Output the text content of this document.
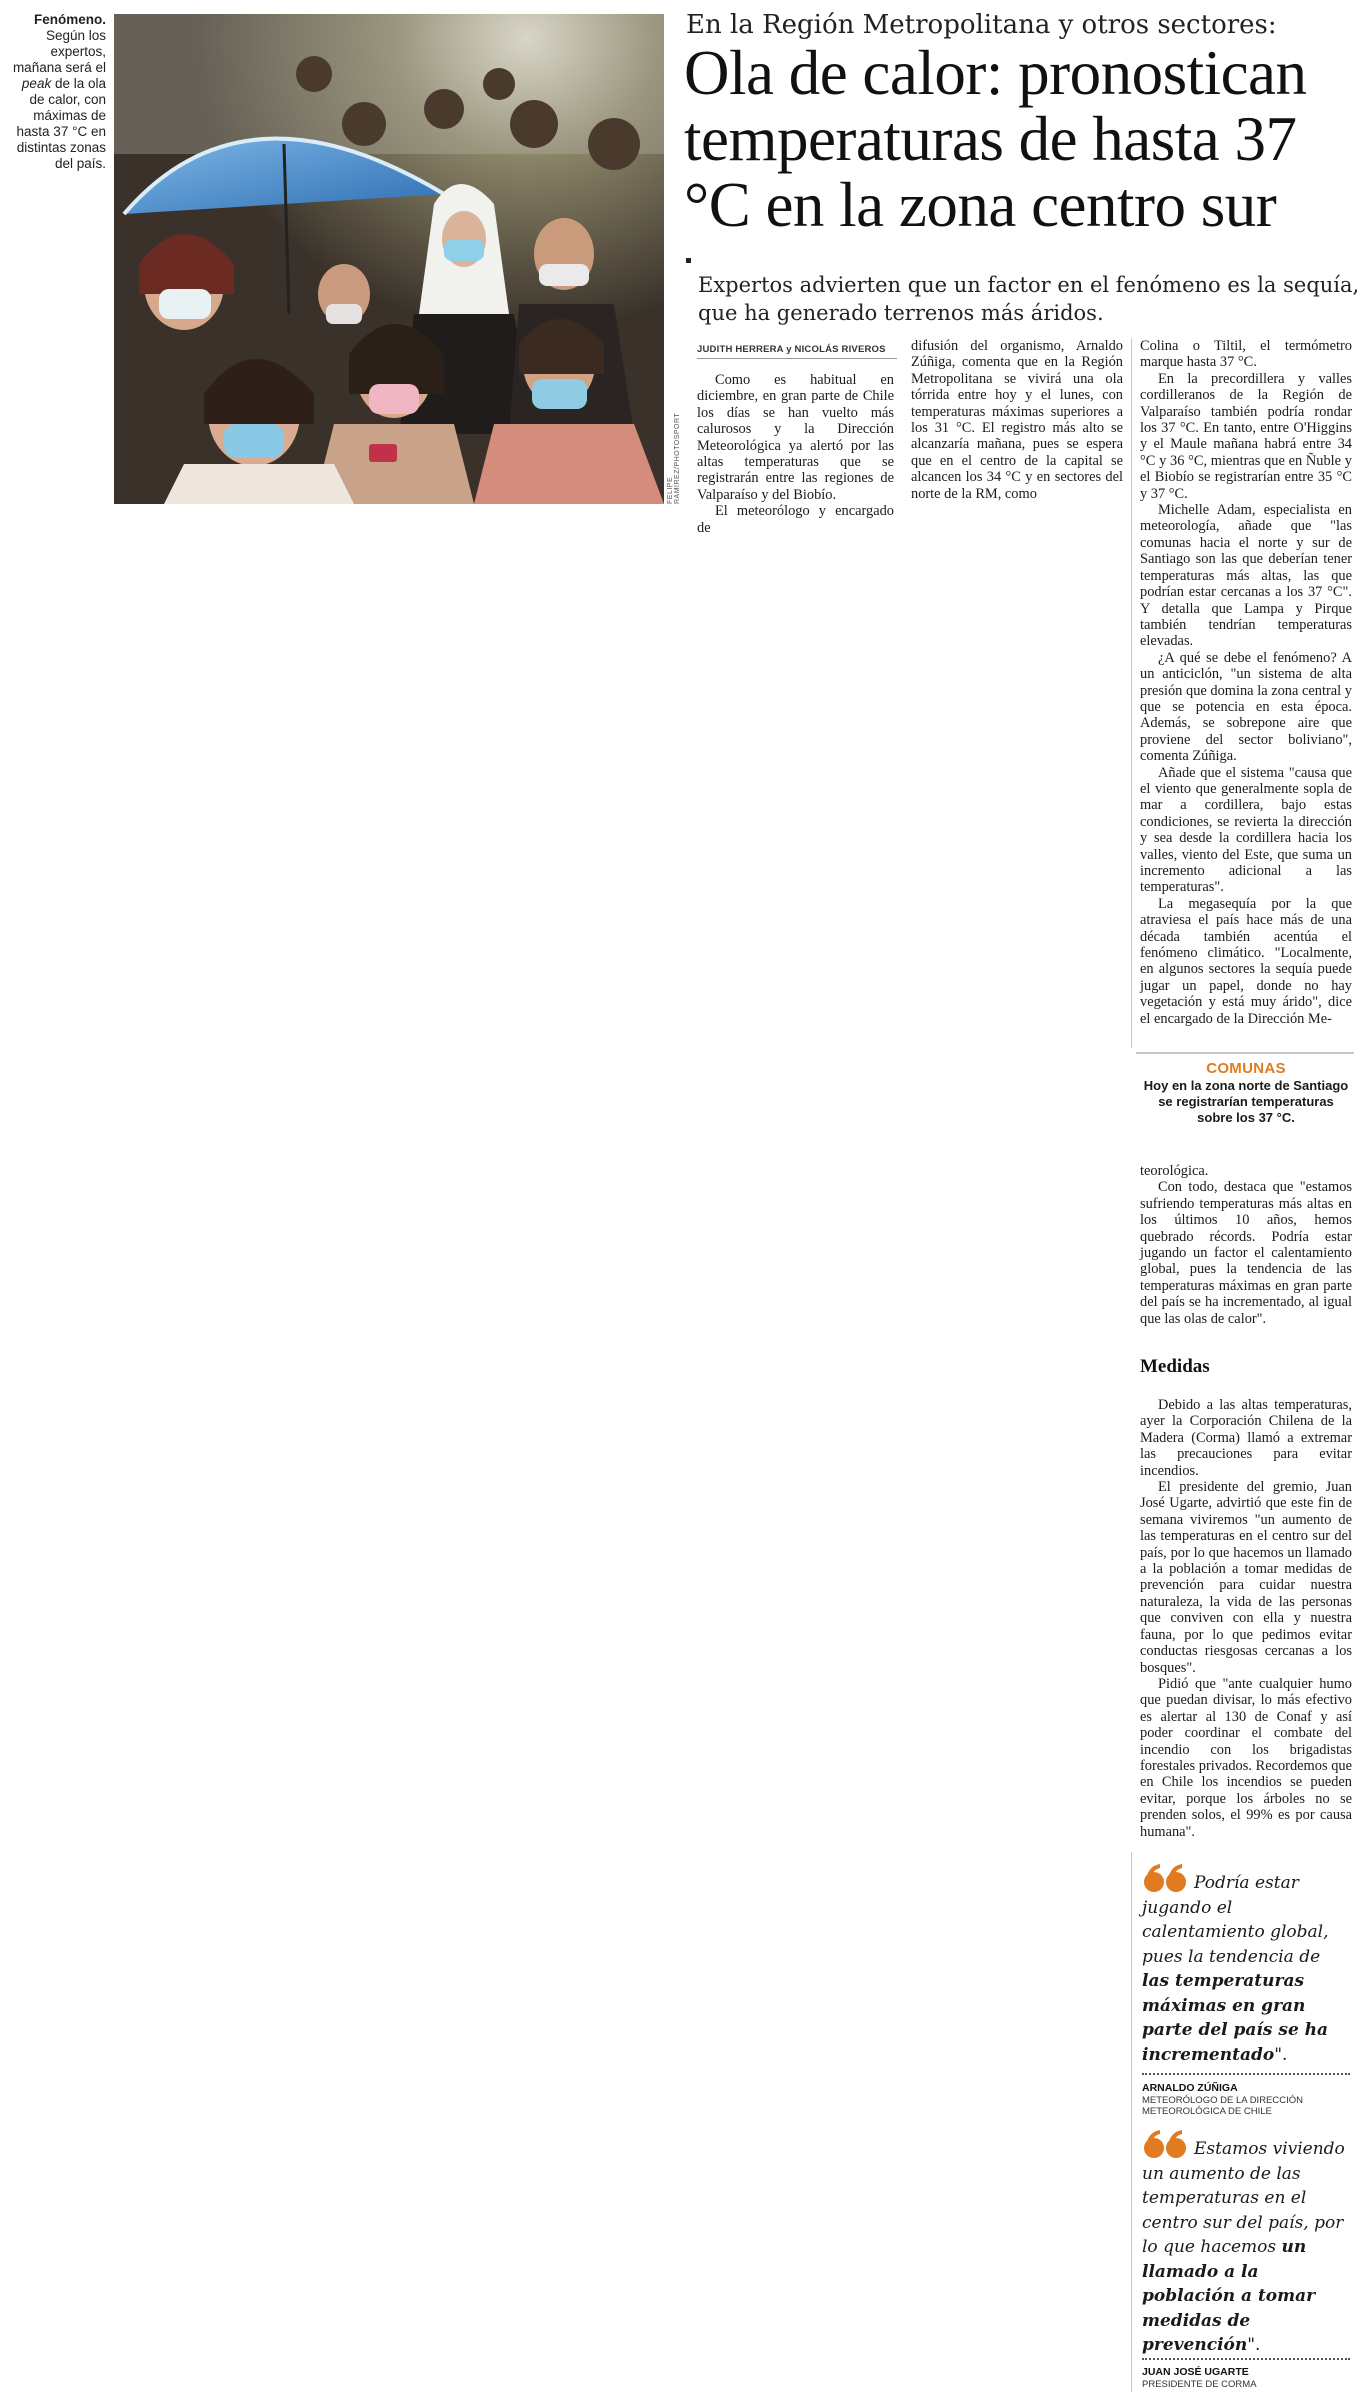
Fenómeno.
Según los expertos, mañana será el peak de la ola de calor, con máximas de hasta 37 °C en distintas zonas del país.
FELIPE RAMÍREZ/PHOTOSPORT
En la Región Metropolitana y otros sectores:
Ola de calor: pronostican temperaturas de hasta 37 °C en la zona centro sur
Expertos advierten que un factor en el fenómeno es la sequía, que ha generado terrenos más áridos.
JUDITH HERRERA y NICOLÁS RIVEROS

Como es habitual en diciembre, en gran parte de Chile los días se han vuelto más calurosos y la Dirección Meteorológica ya alertó por las altas temperaturas que se registrarán entre las regiones de Valparaíso y del Biobío.

El meteorólogo y encargado de

difusión del organismo, Arnaldo Zúñiga, comenta que en la Región Metropolitana se vivirá una ola tórrida entre hoy y el lunes, con temperaturas máximas superiores a los 31 °C. El registro más alto se alcanzaría mañana, pues se espera que en el centro de la capital se alcancen los 34 °C y en sectores del norte de la RM, como

Colina o Tiltil, el termómetro marque hasta 37 °C.

En la precordillera y valles cordilleranos de la Región de Valparaíso también podría rondar los 37 °C. En tanto, entre O'Higgins y el Maule mañana habrá entre 34 °C y 36 °C, mientras que en Ñuble y el Biobío se registrarían entre 35 °C y 37 °C.

Michelle Adam, especialista en meteorología, añade que "las comunas hacia el norte y sur de Santiago son las que deberían tener temperaturas más altas, las que podrían estar cercanas a los 37 °C". Y detalla que Lampa y Pirque también tendrían temperaturas elevadas.

¿A qué se debe el fenómeno? A un anticiclón, "un sistema de alta presión que domina la zona central y que se potencia en esta época. Además, se sobrepone aire que proviene del sector boliviano", comenta Zúñiga.

Añade que el sistema "causa que el viento que generalmente sopla de mar a cordillera, bajo estas condiciones, se revierta la dirección y sea desde la cordillera hacia los valles, viento del Este, que suma un incremento adicional a las temperaturas".

La megasequía por la que atraviesa el país hace más de una década también acentúa el fenómeno climático. "Localmente, en algunos sectores la sequía puede jugar un papel, donde no hay vegetación y está muy árido", dice el encargado de la Dirección Me-

COMUNAS
Hoy en la zona norte de Santiago se registrarían temperaturas sobre los 37 °C.

teorológica.

Con todo, destaca que "estamos sufriendo temperaturas más altas en los últimos 10 años, hemos quebrado récords. Podría estar jugando un factor el calentamiento global, pues la tendencia de las temperaturas máximas en gran parte del país se ha incrementado, al igual que las olas de calor".

Medidas

Debido a las altas temperaturas, ayer la Corporación Chilena de la Madera (Corma) llamó a extremar las precauciones para evitar incendios.

El presidente del gremio, Juan José Ugarte, advirtió que este fin de semana viviremos "un aumento de las temperaturas en el centro sur del país, por lo que hacemos un llamado a la población a tomar medidas de prevención para cuidar nuestra naturaleza, la vida de las personas que conviven con ella y nuestra fauna, por lo que pedimos evitar conductas riesgosas cercanas a los bosques".

Pidió que "ante cualquier humo que puedan divisar, lo más efectivo es alertar al 130 de Conaf y así poder coordinar el combate del incendio con los brigadistas forestales privados. Recordemos que en Chile los incendios se pueden evitar, porque los árboles no se prenden solos, el 99% es por causa humana".

Podría estar jugando el calentamiento global, pues la tendencia de las temperaturas máximas en gran parte del país se ha incrementado".
ARNALDO ZÚÑIGA
METEORÓLOGO DE LA DIRECCIÓN METEOROLÓGICA DE CHILE
Estamos viviendo un aumento de las temperaturas en el centro sur del país, por lo que hacemos un llamado a la población a tomar medidas de prevención".
JUAN JOSÉ UGARTE
PRESIDENTE DE CORMA
